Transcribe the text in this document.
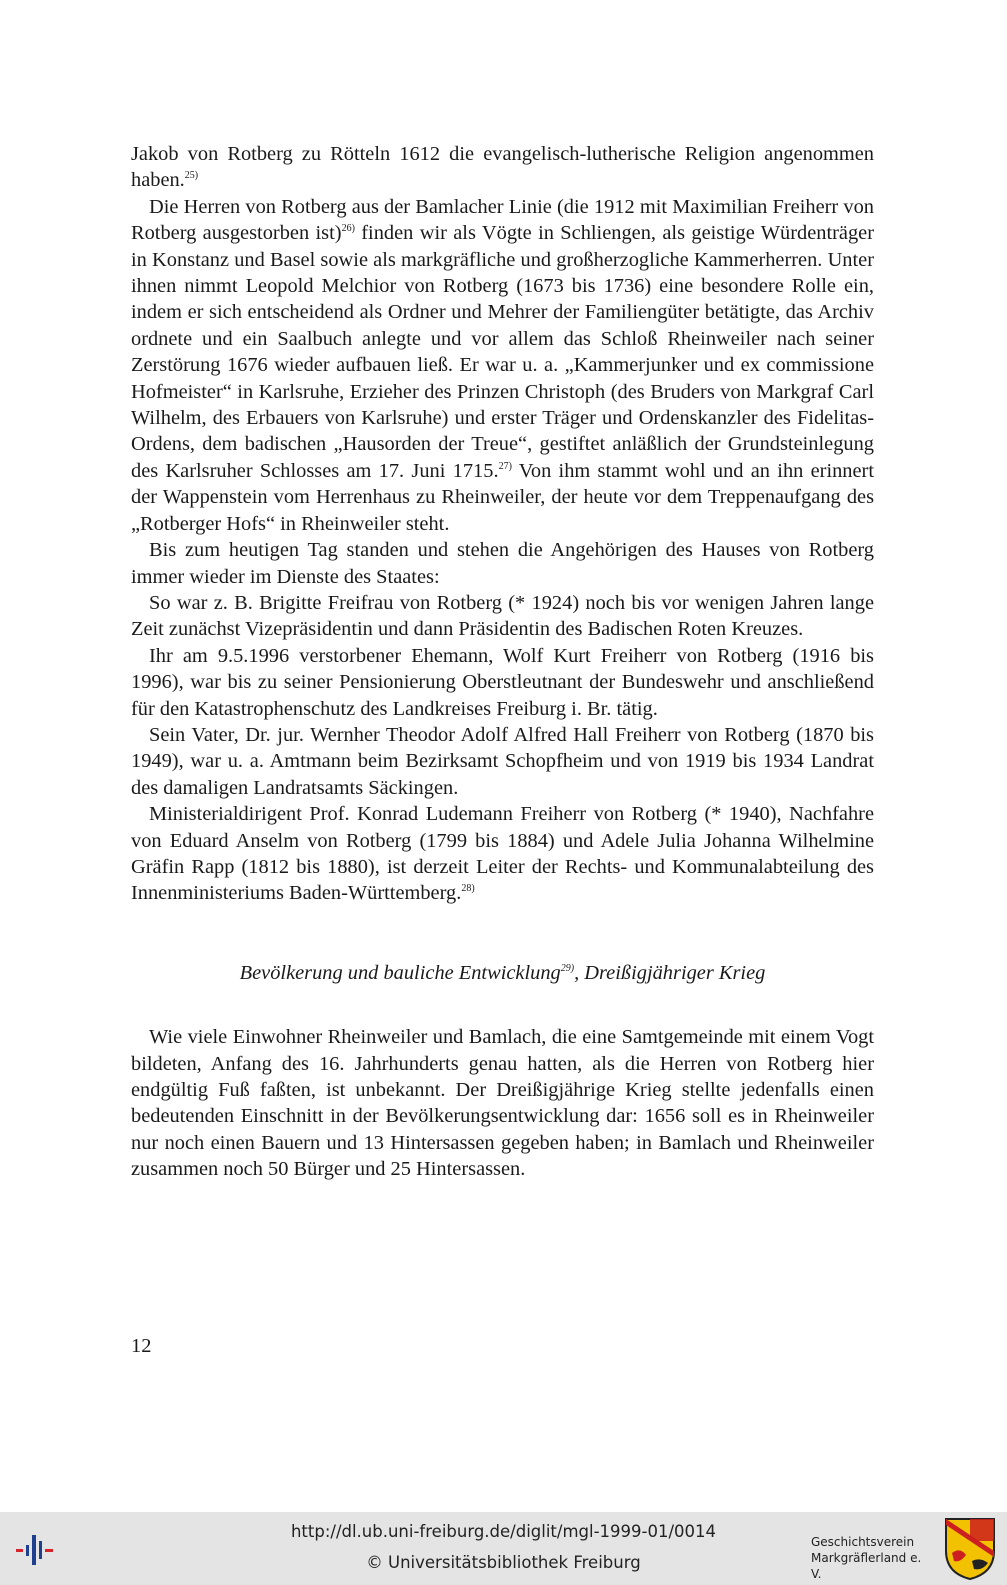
Jakob von Rotberg zu Rötteln 1612 die evangelisch-lutherische Religion angenommen haben.$^{25)}$

Die Herren von Rotberg aus der Bamlacher Linie (die 1912 mit Maximilian Freiherr von Rotberg ausgestorben ist)$^{26)}$ finden wir als Vögte in Schliengen, als geistige Würdenträger in Konstanz und Basel sowie als markgräfliche und großherzogliche Kammerherren. Unter ihnen nimmt Leopold Melchior von Rotberg (1673 bis 1736) eine besondere Rolle ein, indem er sich entscheidend als Ordner und Mehrer der Familiengüter betätigte, das Archiv ordnete und ein Saalbuch anlegte und vor allem das Schloß Rheinweiler nach seiner Zerstörung 1676 wieder aufbauen ließ. Er war u. a. „Kammerjunker und ex commissione Hofmeister“ in Karlsruhe, Erzieher des Prinzen Christoph (des Bruders von Markgraf Carl Wilhelm, des Erbauers von Karlsruhe) und erster Träger und Ordenskanzler des Fidelitas-Ordens, dem badischen „Hausorden der Treue“, gestiftet anläßlich der Grundsteinlegung des Karlsruher Schlosses am 17. Juni 1715.$^{27)}$ Von ihm stammt wohl und an ihn erinnert der Wappenstein vom Herrenhaus zu Rheinweiler, der heute vor dem Treppenaufgang des „Rotberger Hofs“ in Rheinweiler steht.

Bis zum heutigen Tag standen und stehen die Angehörigen des Hauses von Rotberg immer wieder im Dienste des Staates:

So war z. B. Brigitte Freifrau von Rotberg (* 1924) noch bis vor wenigen Jahren lange Zeit zunächst Vizepräsidentin und dann Präsidentin des Badischen Roten Kreuzes.

Ihr am 9.5.1996 verstorbener Ehemann, Wolf Kurt Freiherr von Rotberg (1916 bis 1996), war bis zu seiner Pensionierung Oberstleutnant der Bundeswehr und anschließend für den Katastrophenschutz des Landkreises Freiburg i. Br. tätig.

Sein Vater, Dr. jur. Wernher Theodor Adolf Alfred Hall Freiherr von Rotberg (1870 bis 1949), war u. a. Amtmann beim Bezirksamt Schopfheim und von 1919 bis 1934 Landrat des damaligen Landratsamts Säckingen.

Ministerialdirigent Prof. Konrad Ludemann Freiherr von Rotberg (* 1940), Nachfahre von Eduard Anselm von Rotberg (1799 bis 1884) und Adele Julia Johanna Wilhelmine Gräfin Rapp (1812 bis 1880), ist derzeit Leiter der Rechts- und Kommunalabteilung des Innenministeriums Baden-Württemberg.$^{28)}$

Bevölkerung und bauliche Entwicklung$^{29)}$, Dreißigjähriger Krieg

Wie viele Einwohner Rheinweiler und Bamlach, die eine Samtgemeinde mit einem Vogt bildeten, Anfang des 16. Jahrhunderts genau hatten, als die Herren von Rotberg hier endgültig Fuß faßten, ist unbekannt. Der Dreißigjährige Krieg stellte jedenfalls einen bedeutenden Einschnitt in der Bevölkerungsentwicklung dar: 1656 soll es in Rheinweiler nur noch einen Bauern und 13 Hintersassen gegeben haben; in Bamlach und Rheinweiler zusammen noch 50 Bürger und 25 Hintersassen.

12
http://dl.ub.uni-freiburg.de/diglit/mgl-1999-01/0014
© Universitätsbibliothek Freiburg
Geschichtsverein
Markgräflerland e. V.
